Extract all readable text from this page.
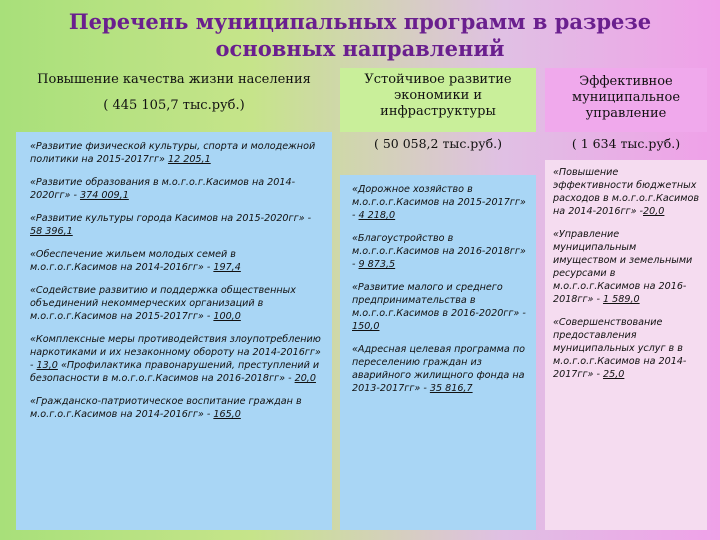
Перечень муниципальных программ в разрезе основных направлений
Повышение качества жизни населения
( 445 105,7 тыс.руб.)
«Развитие физической культуры, спорта и молодежной политики на 2015-2017гг» 12 205,1
«Развитие образования в м.о.г.о.г.Касимов на 2014-2020гг» - 374 009,1
«Развитие культуры города Касимов на 2015-2020гг» - 58 396,1
«Обеспечение жильем молодых семей в м.о.г.о.г.Касимов на 2014-2016гг» - 197,4
«Содействие развитию и поддержка общественных объединений некоммерческих организаций в м.о.г.о.г.Касимов на 2015-2017гг» - 100,0
«Комплексные меры противодействия злоупотреблению наркотиками и их незаконному обороту на 2014-2016гг» - 13,0 «Профилактика правонарушений, преступлений и безопасности в м.о.г.о.г.Касимов на 2016-2018гг» - 20,0
«Гражданско-патриотическое воспитание граждан в м.о.г.о.г.Касимов на 2014-2016гг» - 165,0
Устойчивое развитие экономики и инфраструктуры
( 50 058,2 тыс.руб.)
«Дорожное хозяйство в м.о.г.о.г.Касимов на 2015-2017гг» - 4 218,0
«Благоустройство в м.о.г.о.г.Касимов на 2016-2018гг» - 9 873,5
«Развитие малого и среднего предпринимательства в м.о.г.о.г.Касимов в 2016-2020гг» - 150,0
«Адресная целевая программа по переселению граждан из аварийного жилищного фонда на 2013-2017гг» - 35 816,7
Эффективное муниципальное управление
( 1 634 тыс.руб.)
«Повышение эффективности бюджетных расходов в м.о.г.о.г.Касимов на 2014-2016гг» -20,0
«Управление муниципальным имуществом и земельными ресурсами в м.о.г.о.г.Касимов на 2016-2018гг» - 1 589,0
«Совершенствование предоставления муниципальных услуг в в м.о.г.о.г.Касимов на 2014-2017гг» - 25,0
